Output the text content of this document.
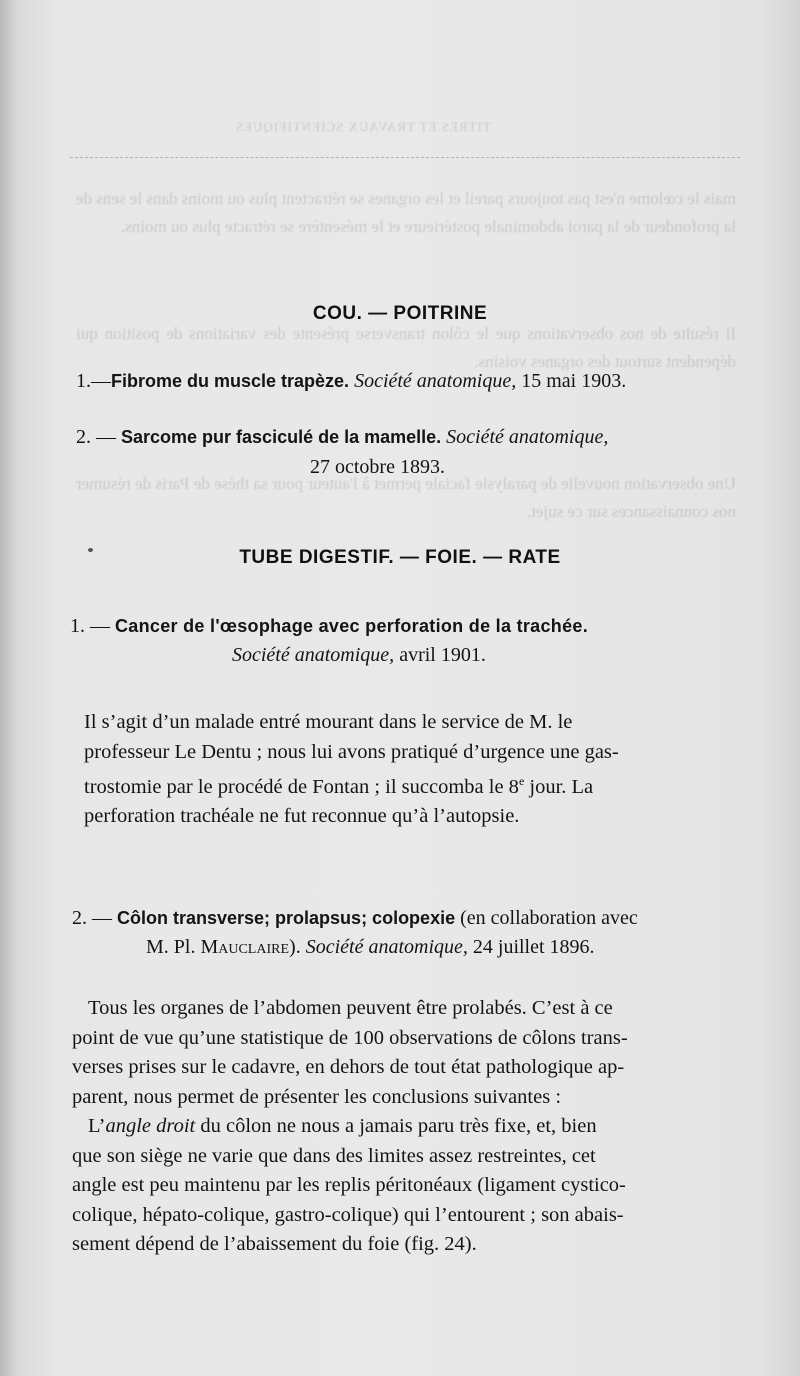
TITRES ET TRAVAUX SCIENTIFIQUES
mais le cœlome n'est pas toujours pareil et les organes se rétractent plus ou moins dans le sens de la profondeur de la paroi abdominale postérieure et le mésentère se rétracte plus ou moins.
Il résulte de nos observations que le côlon transverse présente des variations de position qui dépendent surtout des organes voisins.
Une observation nouvelle de paralysie faciale permet à l'auteur pour sa thèse de Paris de résumer nos connaissances sur ce sujet.
COU. — POITRINE
1.—Fibrome du muscle trapèze. Société anatomique, 15 mai 1903.
2. — Sarcome pur fasciculé de la mamelle. Société anatomique,
27 octobre 1893.
TUBE DIGESTIF. — FOIE. — RATE
1. — Cancer de l'œsophage avec perforation de la trachée.
Société anatomique, avril 1901.
Il s’agit d’un malade entré mourant dans le service de M. le
professeur Le Dentu ; nous lui avons pratiqué d’urgence une gas-
trostomie par le procédé de Fontan ; il succomba le 8e jour. La
perforation trachéale ne fut reconnue qu’à l’autopsie.
2. — Côlon transverse; prolapsus; colopexie (en collaboration avec
M. Pl. Mauclaire). Société anatomique, 24 juillet 1896.
Tous les organes de l’abdomen peuvent être prolabés. C’est à ce
point de vue qu’une statistique de 100 observations de côlons trans-
verses prises sur le cadavre, en dehors de tout état pathologique ap-
parent, nous permet de présenter les conclusions suivantes :
L’angle droit du côlon ne nous a jamais paru très fixe, et, bien
que son siège ne varie que dans des limites assez restreintes, cet
angle est peu maintenu par les replis péritonéaux (ligament cystico-
colique, hépato-colique, gastro-colique) qui l’entourent ; son abais-
sement dépend de l’abaissement du foie (fig. 24).
